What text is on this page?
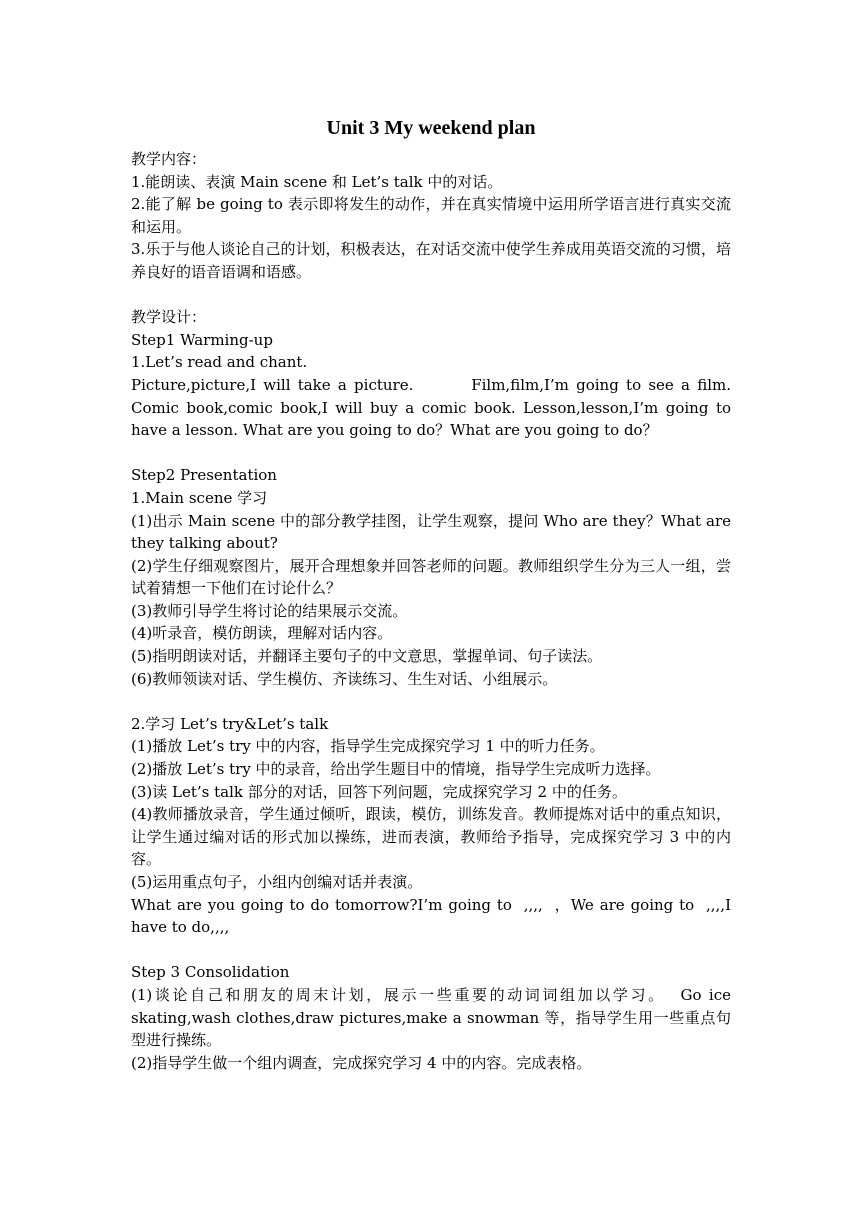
Unit 3 My weekend plan

教学内容：

1.能朗读、表演 Main scene 和 Let’s talk 中的对话。

2.能了解 be going to 表示即将发生的动作，并在真实情境中运用所学语言进行真实交流和运用。

3.乐于与他人谈论自己的计划，积极表达，在对话交流中使学生养成用英语交流的习惯，培养良好的语音语调和语感。

教学设计：

Step1 Warming-up

1.Let’s read and chant.

Picture,picture,I will take a picture.        Film,film,I’m going to see a film. Comic book,comic book,I will buy a comic book. Lesson,lesson,I’m going to have a lesson. What are you going to do？What are you going to do？

Step2 Presentation

1.Main scene 学习

(1)出示 Main scene 中的部分教学挂图，让学生观察，提问 Who are they？What are they talking about?

(2)学生仔细观察图片，展开合理想象并回答老师的问题。教师组织学生分为三人一组，尝试着猜想一下他们在讨论什么？

(3)教师引导学生将讨论的结果展示交流。

(4)听录音，模仿朗读，理解对话内容。

(5)指明朗读对话，并翻译主要句子的中文意思，掌握单词、句子读法。

(6)教师领读对话、学生模仿、齐读练习、生生对话、小组展示。

2.学习 Let’s try&Let’s talk

(1)播放 Let’s try 中的内容，指导学生完成探究学习 1 中的听力任务。

(2)播放 Let’s try 中的录音，给出学生题目中的情境，指导学生完成听力选择。

(3)读 Let’s talk 部分的对话，回答下列问题，完成探究学习 2 中的任务。

(4)教师播放录音，学生通过倾听，跟读，模仿，训练发音。教师提炼对话中的重点知识，让学生通过编对话的形式加以操练，进而表演，教师给予指导，完成探究学习 3 中的内容。

(5)运用重点句子，小组内创编对话并表演。

What are you going to do tomorrow?I’m going to  ,,,,  ，We are going to  ,,,,I have to do,,,,

Step 3 Consolidation

(1)谈论自己和朋友的周末计划，展示一些重要的动词词组加以学习。  Go ice skating,wash clothes,draw pictures,make a snowman 等，指导学生用一些重点句型进行操练。

(2)指导学生做一个组内调查，完成探究学习 4 中的内容。完成表格。
